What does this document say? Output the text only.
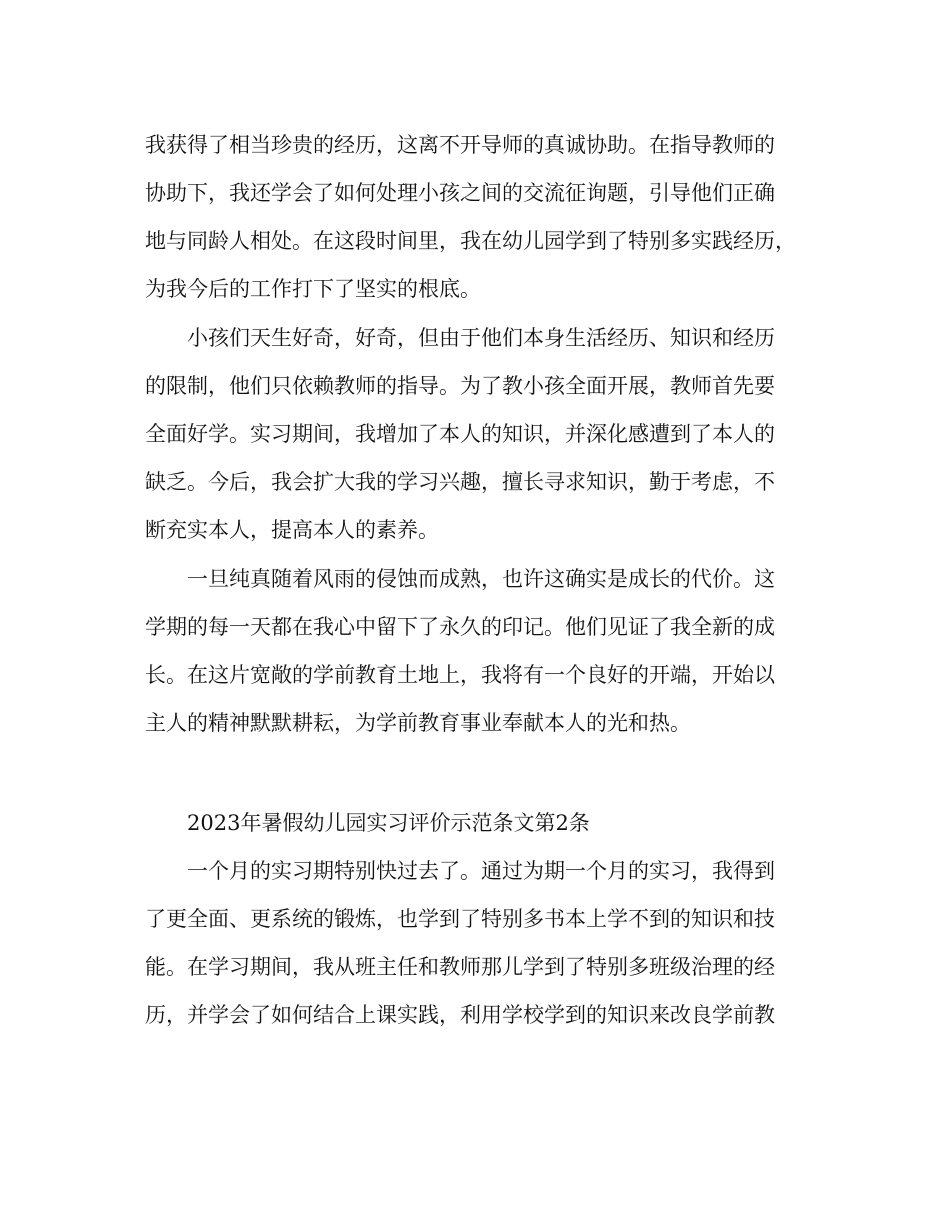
我获得了相当珍贵的经历，这离不开导师的真诚协助。在指导教师的

协助下，我还学会了如何处理小孩之间的交流征询题，引导他们正确

地与同龄人相处。在这段时间里，我在幼儿园学到了特别多实践经历，

为我今后的工作打下了坚实的根底。

小孩们天生好奇，好奇，但由于他们本身生活经历、知识和经历

的限制，他们只依赖教师的指导。为了教小孩全面开展，教师首先要

全面好学。实习期间，我增加了本人的知识，并深化感遭到了本人的

缺乏。今后，我会扩大我的学习兴趣，擅长寻求知识，勤于考虑，不

断充实本人，提高本人的素养。

一旦纯真随着风雨的侵蚀而成熟，也许这确实是成长的代价。这

学期的每一天都在我心中留下了永久的印记。他们见证了我全新的成

长。在这片宽敞的学前教育土地上，我将有一个良好的开端，开始以

主人的精神默默耕耘，为学前教育事业奉献本人的光和热。

2023年暑假幼儿园实习评价示范条文第2条

一个月的实习期特别快过去了。通过为期一个月的实习，我得到

了更全面、更系统的锻炼，也学到了特别多书本上学不到的知识和技

能。在学习期间，我从班主任和教师那儿学到了特别多班级治理的经

历，并学会了如何结合上课实践，利用学校学到的知识来改良学前教
